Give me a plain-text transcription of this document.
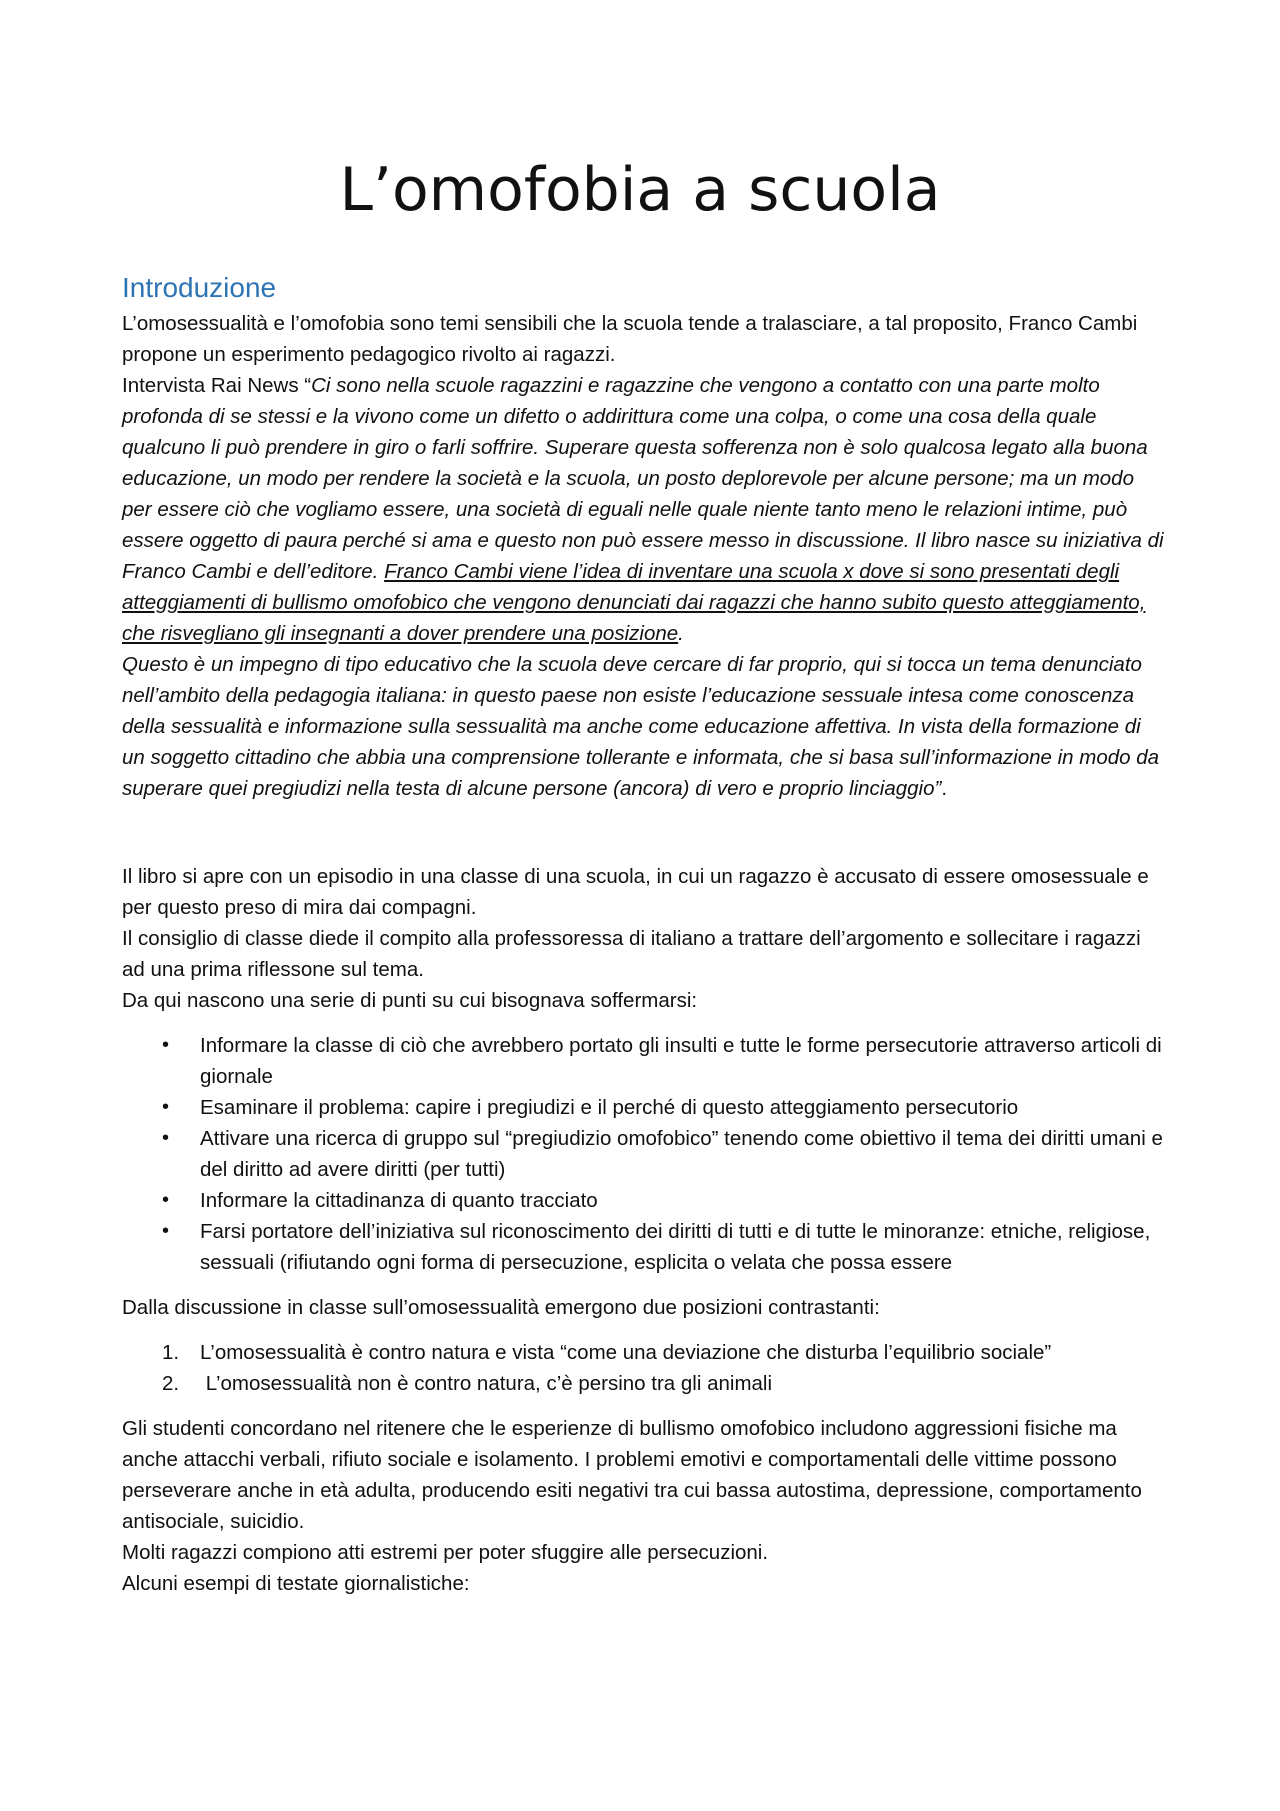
L’omofobia a scuola
Introduzione

L’omosessualità e l’omofobia sono temi sensibili che la scuola tende a tralasciare, a tal proposito, Franco Cambi propone un esperimento pedagogico rivolto ai ragazzi.

Intervista Rai News “Ci sono nella scuole ragazzini e ragazzine che vengono a contatto con una parte molto profonda di se stessi e la vivono come un difetto o addirittura come una colpa, o come una cosa della quale qualcuno li può prendere in giro o farli soffrire. Superare questa sofferenza non è solo qualcosa legato alla buona educazione, un modo per rendere la società e la scuola, un posto deplorevole per alcune persone; ma un modo per essere ciò che vogliamo essere, una società di eguali nelle quale niente tanto meno le relazioni intime, può essere oggetto di paura perché si ama e questo non può essere messo in discussione. Il libro nasce su iniziativa di Franco Cambi e dell’editore. Franco Cambi viene l’idea di inventare una scuola x dove si sono presentati degli atteggiamenti di bullismo omofobico che vengono denunciati dai ragazzi che hanno subito questo atteggiamento, che risvegliano gli insegnanti a dover prendere una posizione.

Questo è un impegno di tipo educativo che la scuola deve cercare di far proprio, qui si tocca un tema denunciato nell’ambito della pedagogia italiana: in questo paese non esiste l’educazione sessuale intesa come conoscenza della sessualità e informazione sulla sessualità ma anche come educazione affettiva. In vista della formazione di un soggetto cittadino che abbia una comprensione tollerante e informata, che si basa sull’informazione in modo da superare quei pregiudizi nella testa di alcune persone (ancora) di vero e proprio linciaggio”.

Il libro si apre con un episodio in una classe di una scuola, in cui un ragazzo è accusato di essere omosessuale e per questo preso di mira dai compagni.

Il consiglio di classe diede il compito alla professoressa di italiano a trattare dell’argomento e sollecitare i ragazzi ad una prima riflessone sul tema.

Da qui nascono una serie di punti su cui bisognava soffermarsi:

•	Informare la classe di ciò che avrebbero portato gli insulti e tutte le forme persecutorie attraverso articoli di giornale
•	Esaminare il problema: capire i pregiudizi e il perché di questo atteggiamento persecutorio
•	Attivare una ricerca di gruppo sul “pregiudizio omofobico” tenendo come obiettivo il tema dei diritti umani e del diritto ad avere diritti (per tutti)
•	Informare la cittadinanza di quanto tracciato
•	Farsi portatore dell’iniziativa sul riconoscimento dei diritti di tutti e di tutte le minoranze: etniche, religiose, sessuali (rifiutando ogni forma di persecuzione, esplicita o velata che possa essere

Dalla discussione in classe sull’omosessualità emergono due posizioni contrastanti:

1.	L’omosessualità è contro natura e vista “come una deviazione che disturba l’equilibrio sociale”
2.	L’omosessualità non è contro natura, c’è persino tra gli animali

Gli studenti concordano nel ritenere che le esperienze di bullismo omofobico includono aggressioni fisiche ma anche attacchi verbali, rifiuto sociale e isolamento. I problemi emotivi e comportamentali delle vittime possono perseverare anche in età adulta, producendo esiti negativi tra cui bassa autostima, depressione, comportamento antisociale, suicidio.

Molti ragazzi compiono atti estremi per poter sfuggire alle persecuzioni.

Alcuni esempi di testate giornalistiche:
